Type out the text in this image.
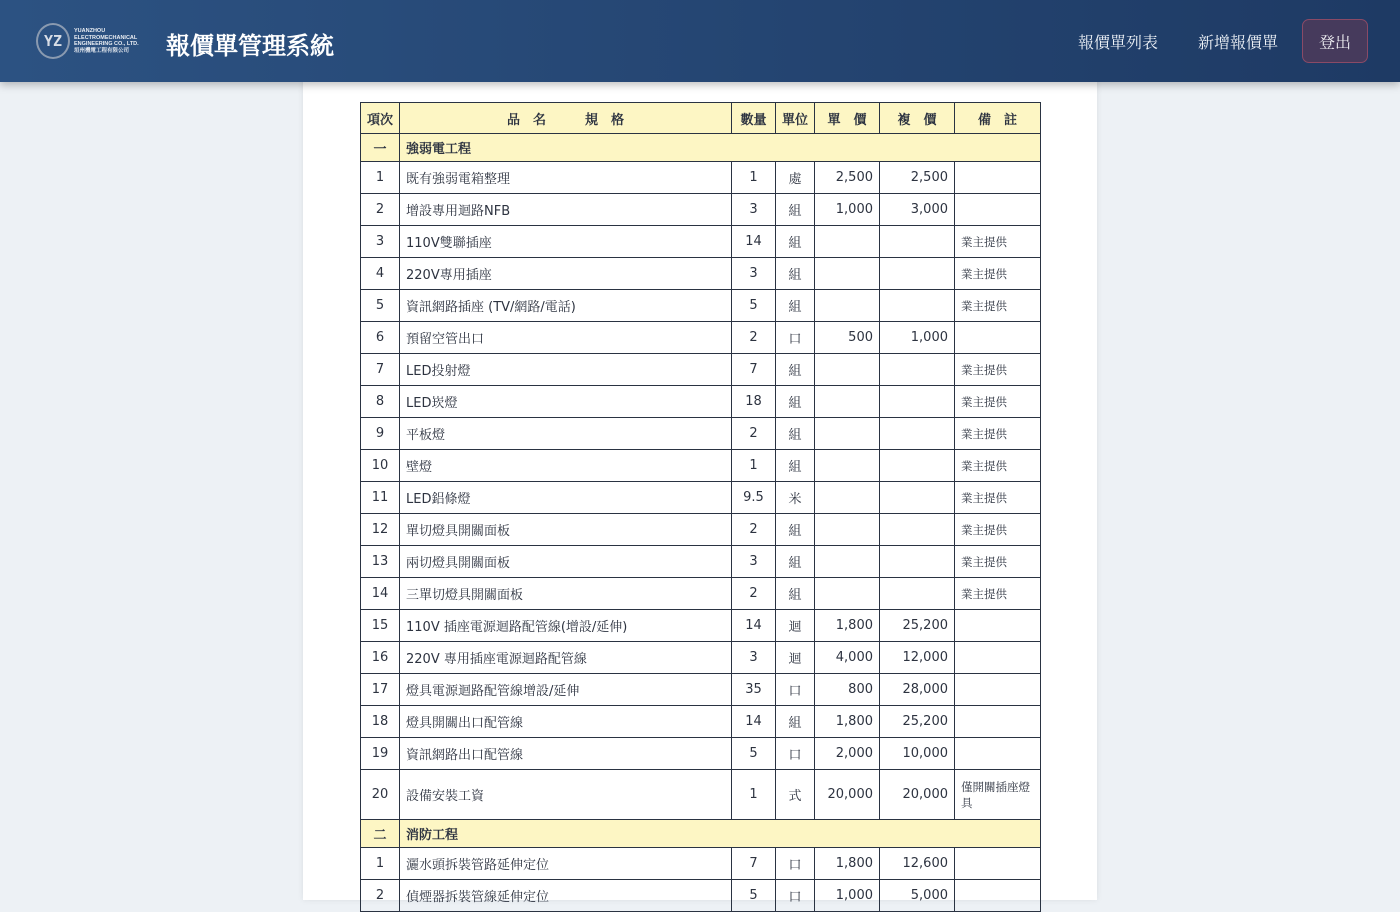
YZ
YUANZHOU
ELECTROMECHANICAL
ENGINEERING CO., LTD.
垣州機電工程有限公司	報價單管理系統	報價單列表 新增報價單	登出
項次	品　名　　　規　格	數量	單位	單　價	複　價	備　註
一	強弱電工程					
1	既有強弱電箱整理	1	處	2,500	2,500	
2	增設專用迴路NFB	3	組	1,000	3,000	
3	110V雙聯插座	14	組			業主提供
4	220V專用插座	3	組			業主提供
5	資訊網路插座 (TV/網路/電話)	5	組			業主提供
6	預留空管出口	2	口	500	1,000	
7	LED投射燈	7	組			業主提供
8	LED崁燈	18	組			業主提供
9	平板燈	2	組			業主提供
10	壁燈	1	組			業主提供
11	LED鋁條燈	9.5	米			業主提供
12	單切燈具開關面板	2	組			業主提供
13	兩切燈具開關面板	3	組			業主提供
14	三單切燈具開關面板	2	組			業主提供
15	110V 插座電源迴路配管線(增設/延伸)	14	迴	1,800	25,200	
16	220V 專用插座電源迴路配管線	3	迴	4,000	12,000	
17	燈具電源迴路配管線增設/延伸	35	口	800	28,000	
18	燈具開關出口配管線	14	組	1,800	25,200	
19	資訊網路出口配管線	5	口	2,000	10,000	
20	設備安裝工資	1	式	20,000	20,000	僅開關插座燈具
二	消防工程					
1	灑水頭拆裝管路延伸定位	7	口	1,800	12,600	
2	偵煙器拆裝管線延伸定位	5	口	1,000	5,000	
